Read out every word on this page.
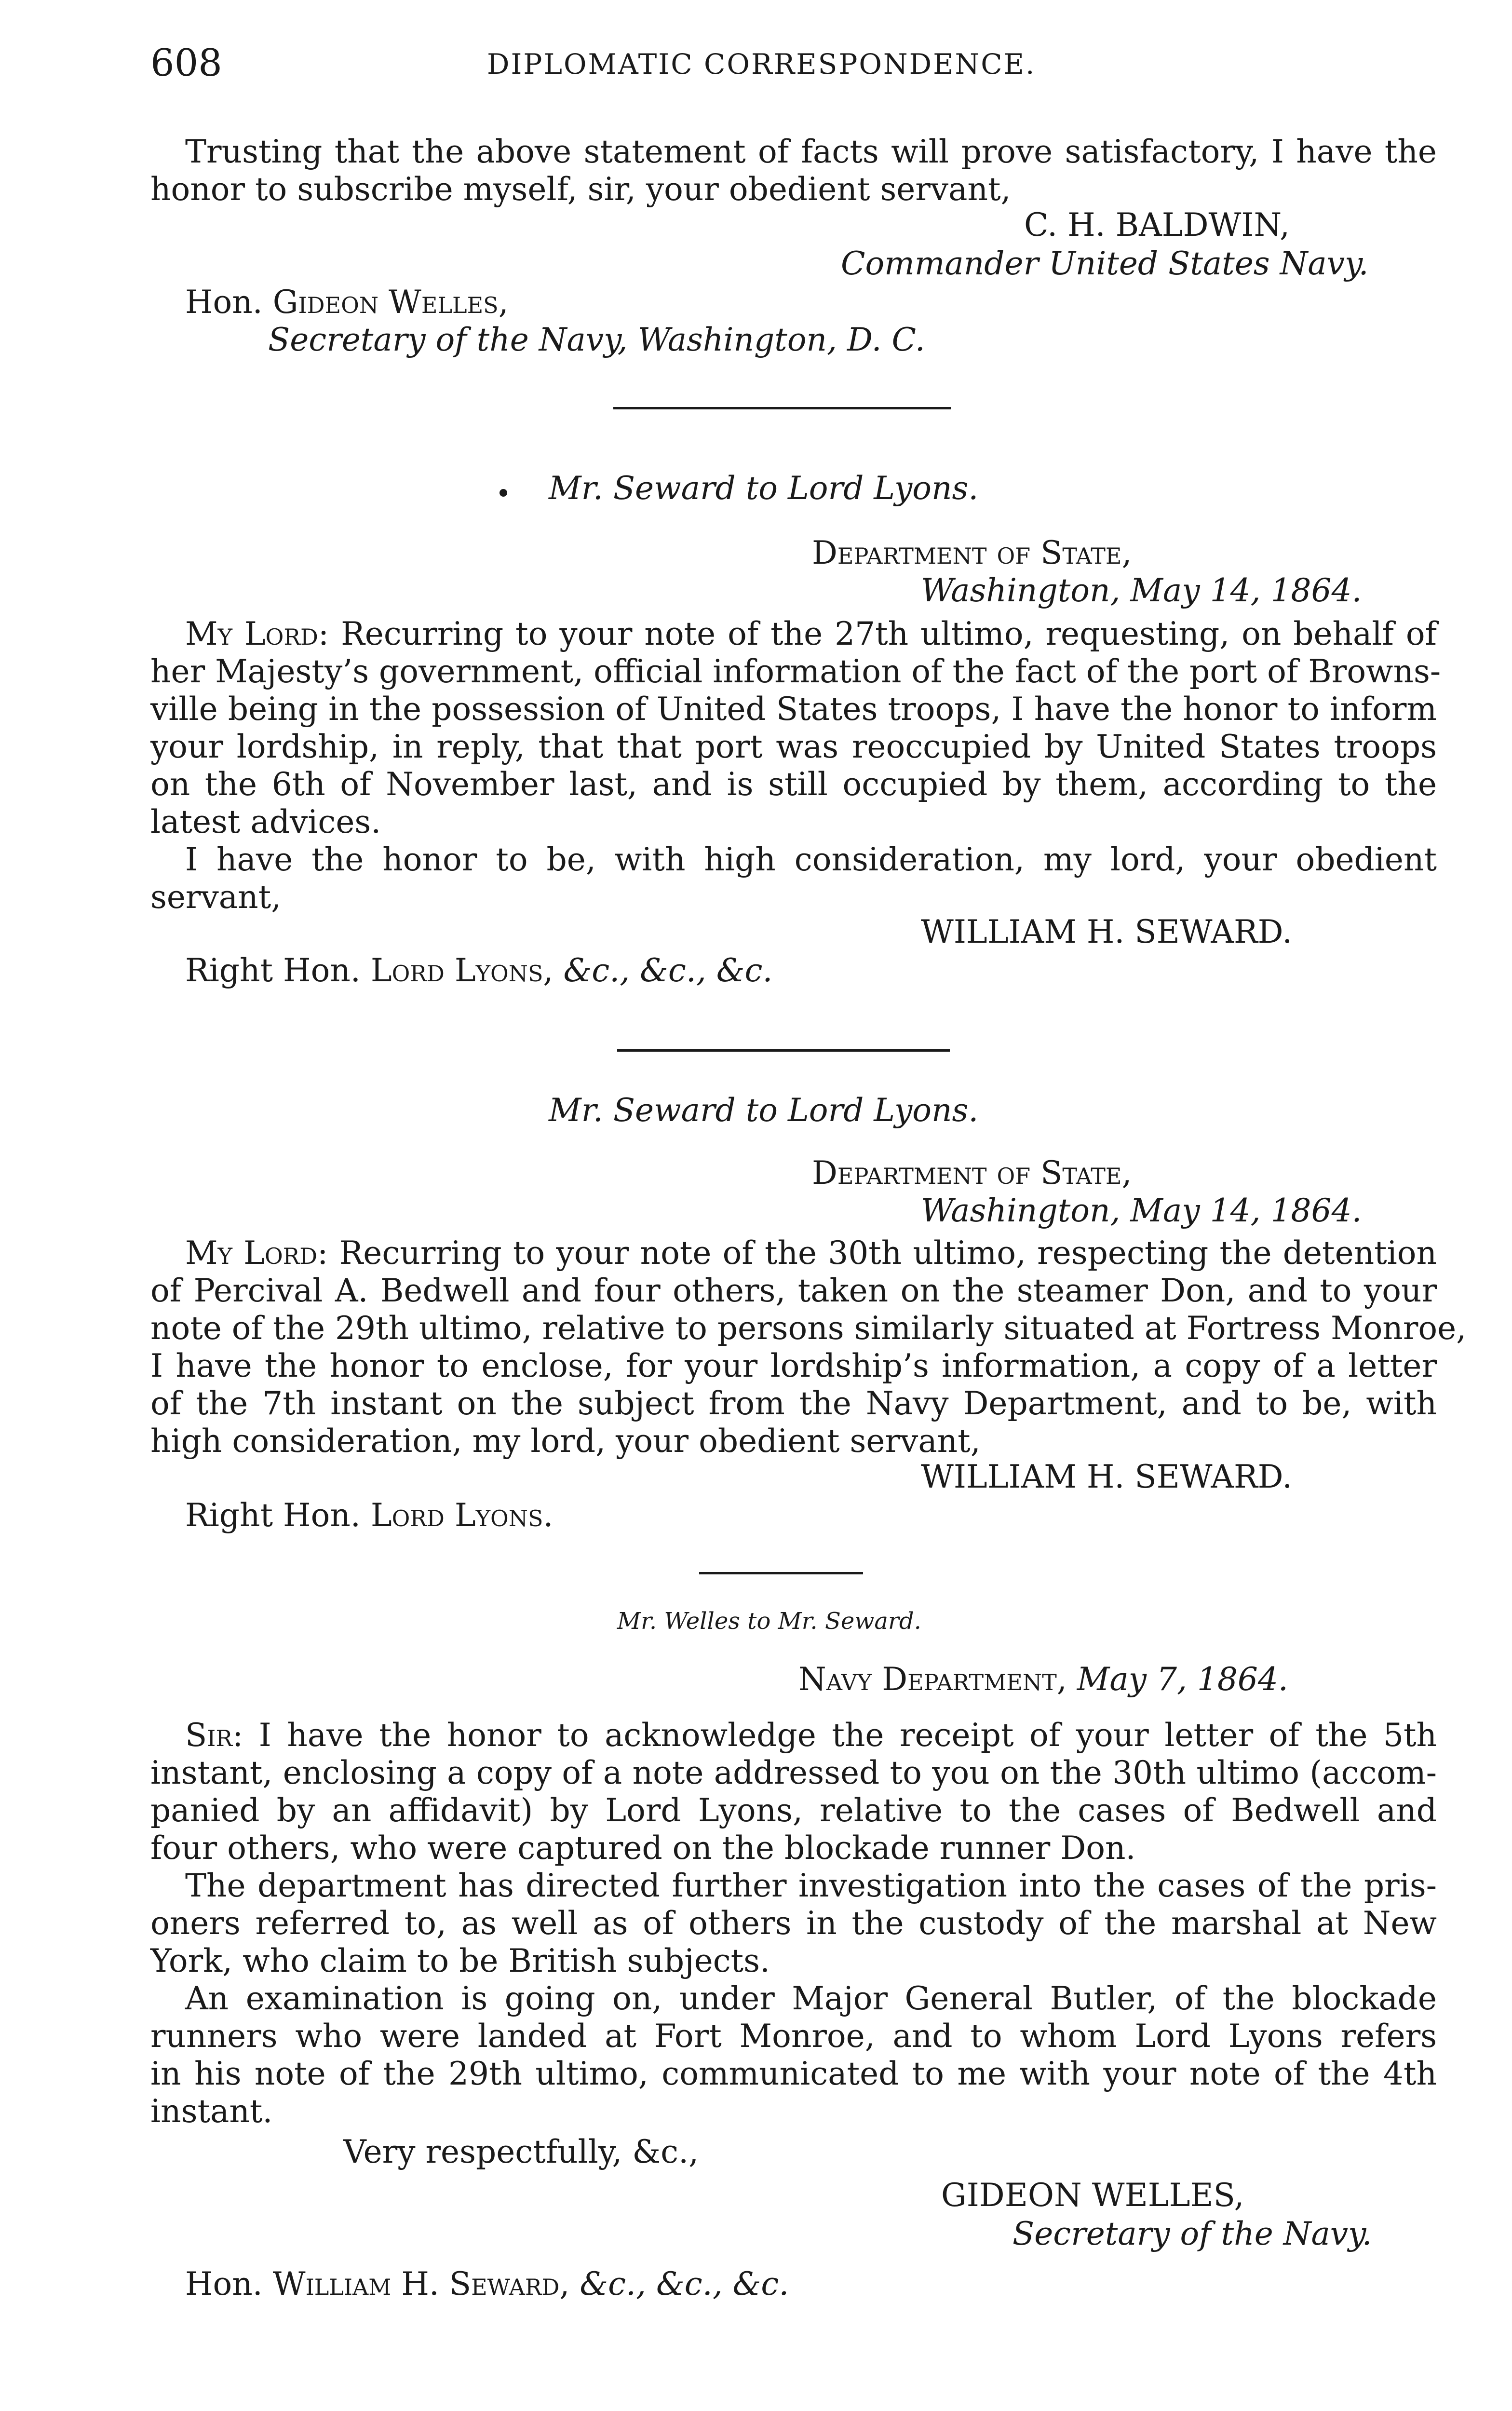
608	DIPLOMATIC CORRESPONDENCE.
Trusting that the above statement of facts will prove satisfactory, I have the
honor to subscribe myself, sir, your obedient servant,
C. H. BALDWIN,
Commander United States Navy.
Hon. Gideon Welles,
Secretary of the Navy, Washington, D. C.
Mr. Seward to Lord Lyons.
Department of State,
Washington, May 14, 1864.
My Lord: Recurring to your note of the 27th ultimo, requesting, on behalf of
her Majesty’s government, official information of the fact of the port of Browns-
ville being in the possession of United States troops, I have the honor to inform
your lordship, in reply, that that port was reoccupied by United States troops
on the 6th of November last, and is still occupied by them, according to the
latest advices.
I have the honor to be, with high consideration, my lord, your obedient
servant,
WILLIAM H. SEWARD.
Right Hon. Lord Lyons, &c., &c., &c.
Mr. Seward to Lord Lyons.
Department of State,
Washington, May 14, 1864.
My Lord: Recurring to your note of the 30th ultimo, respecting the detention
of Percival A. Bedwell and four others, taken on the steamer Don, and to your
note of the 29th ultimo, relative to persons similarly situated at Fortress Monroe,
I have the honor to enclose, for your lordship’s information, a copy of a letter
of the 7th instant on the subject from the Navy Department, and to be, with
high consideration, my lord, your obedient servant,
WILLIAM H. SEWARD.
Right Hon. Lord Lyons.
Mr. Welles to Mr. Seward.
Navy Department, May 7, 1864.
Sir: I have the honor to acknowledge the receipt of your letter of the 5th
instant, enclosing a copy of a note addressed to you on the 30th ultimo (accom-
panied by an affidavit) by Lord Lyons, relative to the cases of Bedwell and
four others, who were captured on the blockade runner Don.
The department has directed further investigation into the cases of the pris-
oners referred to, as well as of others in the custody of the marshal at New
York, who claim to be British subjects.
An examination is going on, under Major General Butler, of the blockade
runners who were landed at Fort Monroe, and to whom Lord Lyons refers
in his note of the 29th ultimo, communicated to me with your note of the 4th
instant.
Very respectfully, &c.,
GIDEON WELLES,
Secretary of the Navy.
Hon. William H. Seward, &c., &c., &c.
